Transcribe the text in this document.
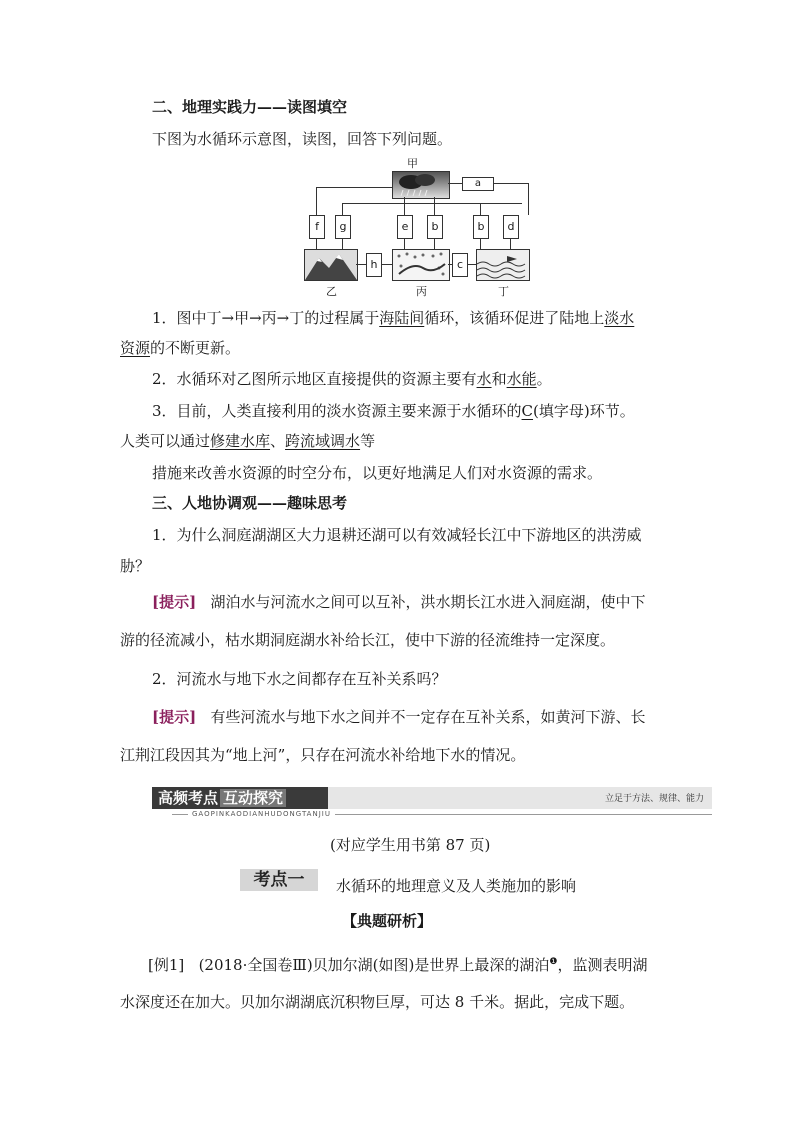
二、地理实践力——读图填空
下图为水循环示意图，读图，回答下列问题。
甲
a
f	g	e	b	b	d
h	c
乙	丙	丁
1．图中丁→甲→丙→丁的过程属于海陆间循环，该循环促进了陆地上淡水
资源的不断更新。
2．水循环对乙图所示地区直接提供的资源主要有水和水能。
3．目前，人类直接利用的淡水资源主要来源于水循环的C(填字母)环节。
人类可以通过修建水库、跨流域调水等
措施来改善水资源的时空分布，以更好地满足人们对水资源的需求。
三、人地协调观——趣味思考
1．为什么洞庭湖湖区大力退耕还湖可以有效减轻长江中下游地区的洪涝威
胁？
[提示] 湖泊水与河流水之间可以互补，洪水期长江水进入洞庭湖，使中下
游的径流减小，枯水期洞庭湖水补给长江，使中下游的径流维持一定深度。
2．河流水与地下水之间都存在互补关系吗？
[提示] 有些河流水与地下水之间并不一定存在互补关系，如黄河下游、长
江荆江段因其为“地上河”，只存在河流水补给地下水的情况。
高频考点 互动探究	立足于方法、规律、能力
GAOPINKAODIANHUDONGTANJIU
(对应学生用书第 87 页)
考点一	水循环的地理意义及人类施加的影响
【典题研析】
[例1] (2018·全国卷Ⅲ)贝加尔湖(如图)是世界上最深的湖泊$^❶$，监测表明湖
水深度还在加大。贝加尔湖湖底沉积物巨厚，可达 8 千米。据此，完成下题。
